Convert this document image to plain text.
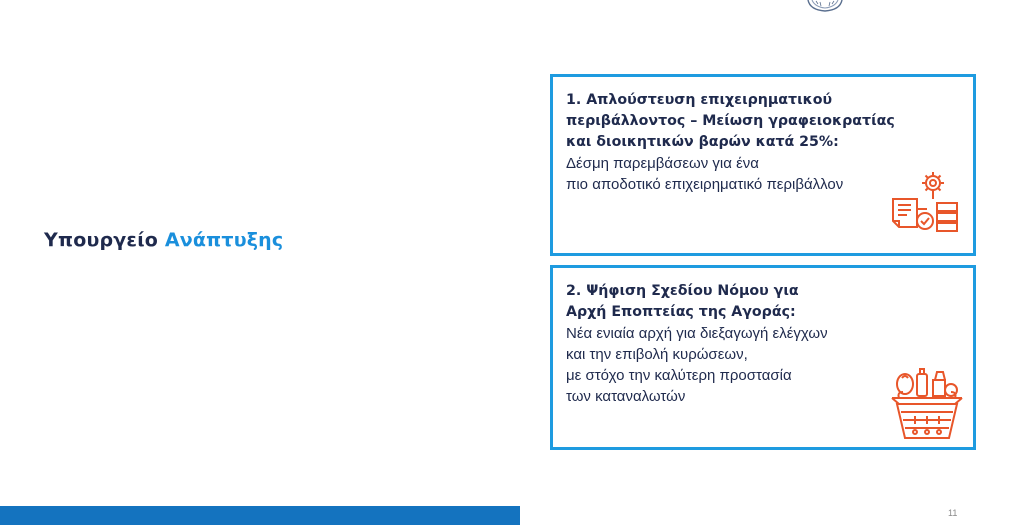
Υπουργείο Ανάπτυξης
1. Απλούστευση επιχειρηματικού
περιβάλλοντος – Μείωση γραφειοκρατίας
και διοικητικών βαρών κατά 25%:
Δέσμη παρεμβάσεων για ένα
πιο αποδοτικό επιχειρηματικό περιβάλλον
2. Ψήφιση Σχεδίου Νόμου για
Αρχή Εποπτείας της Αγοράς:
Νέα ενιαία αρχή για διεξαγωγή ελέγχων
και την επιβολή κυρώσεων,
με στόχο την καλύτερη προστασία
των καταναλωτών
11
